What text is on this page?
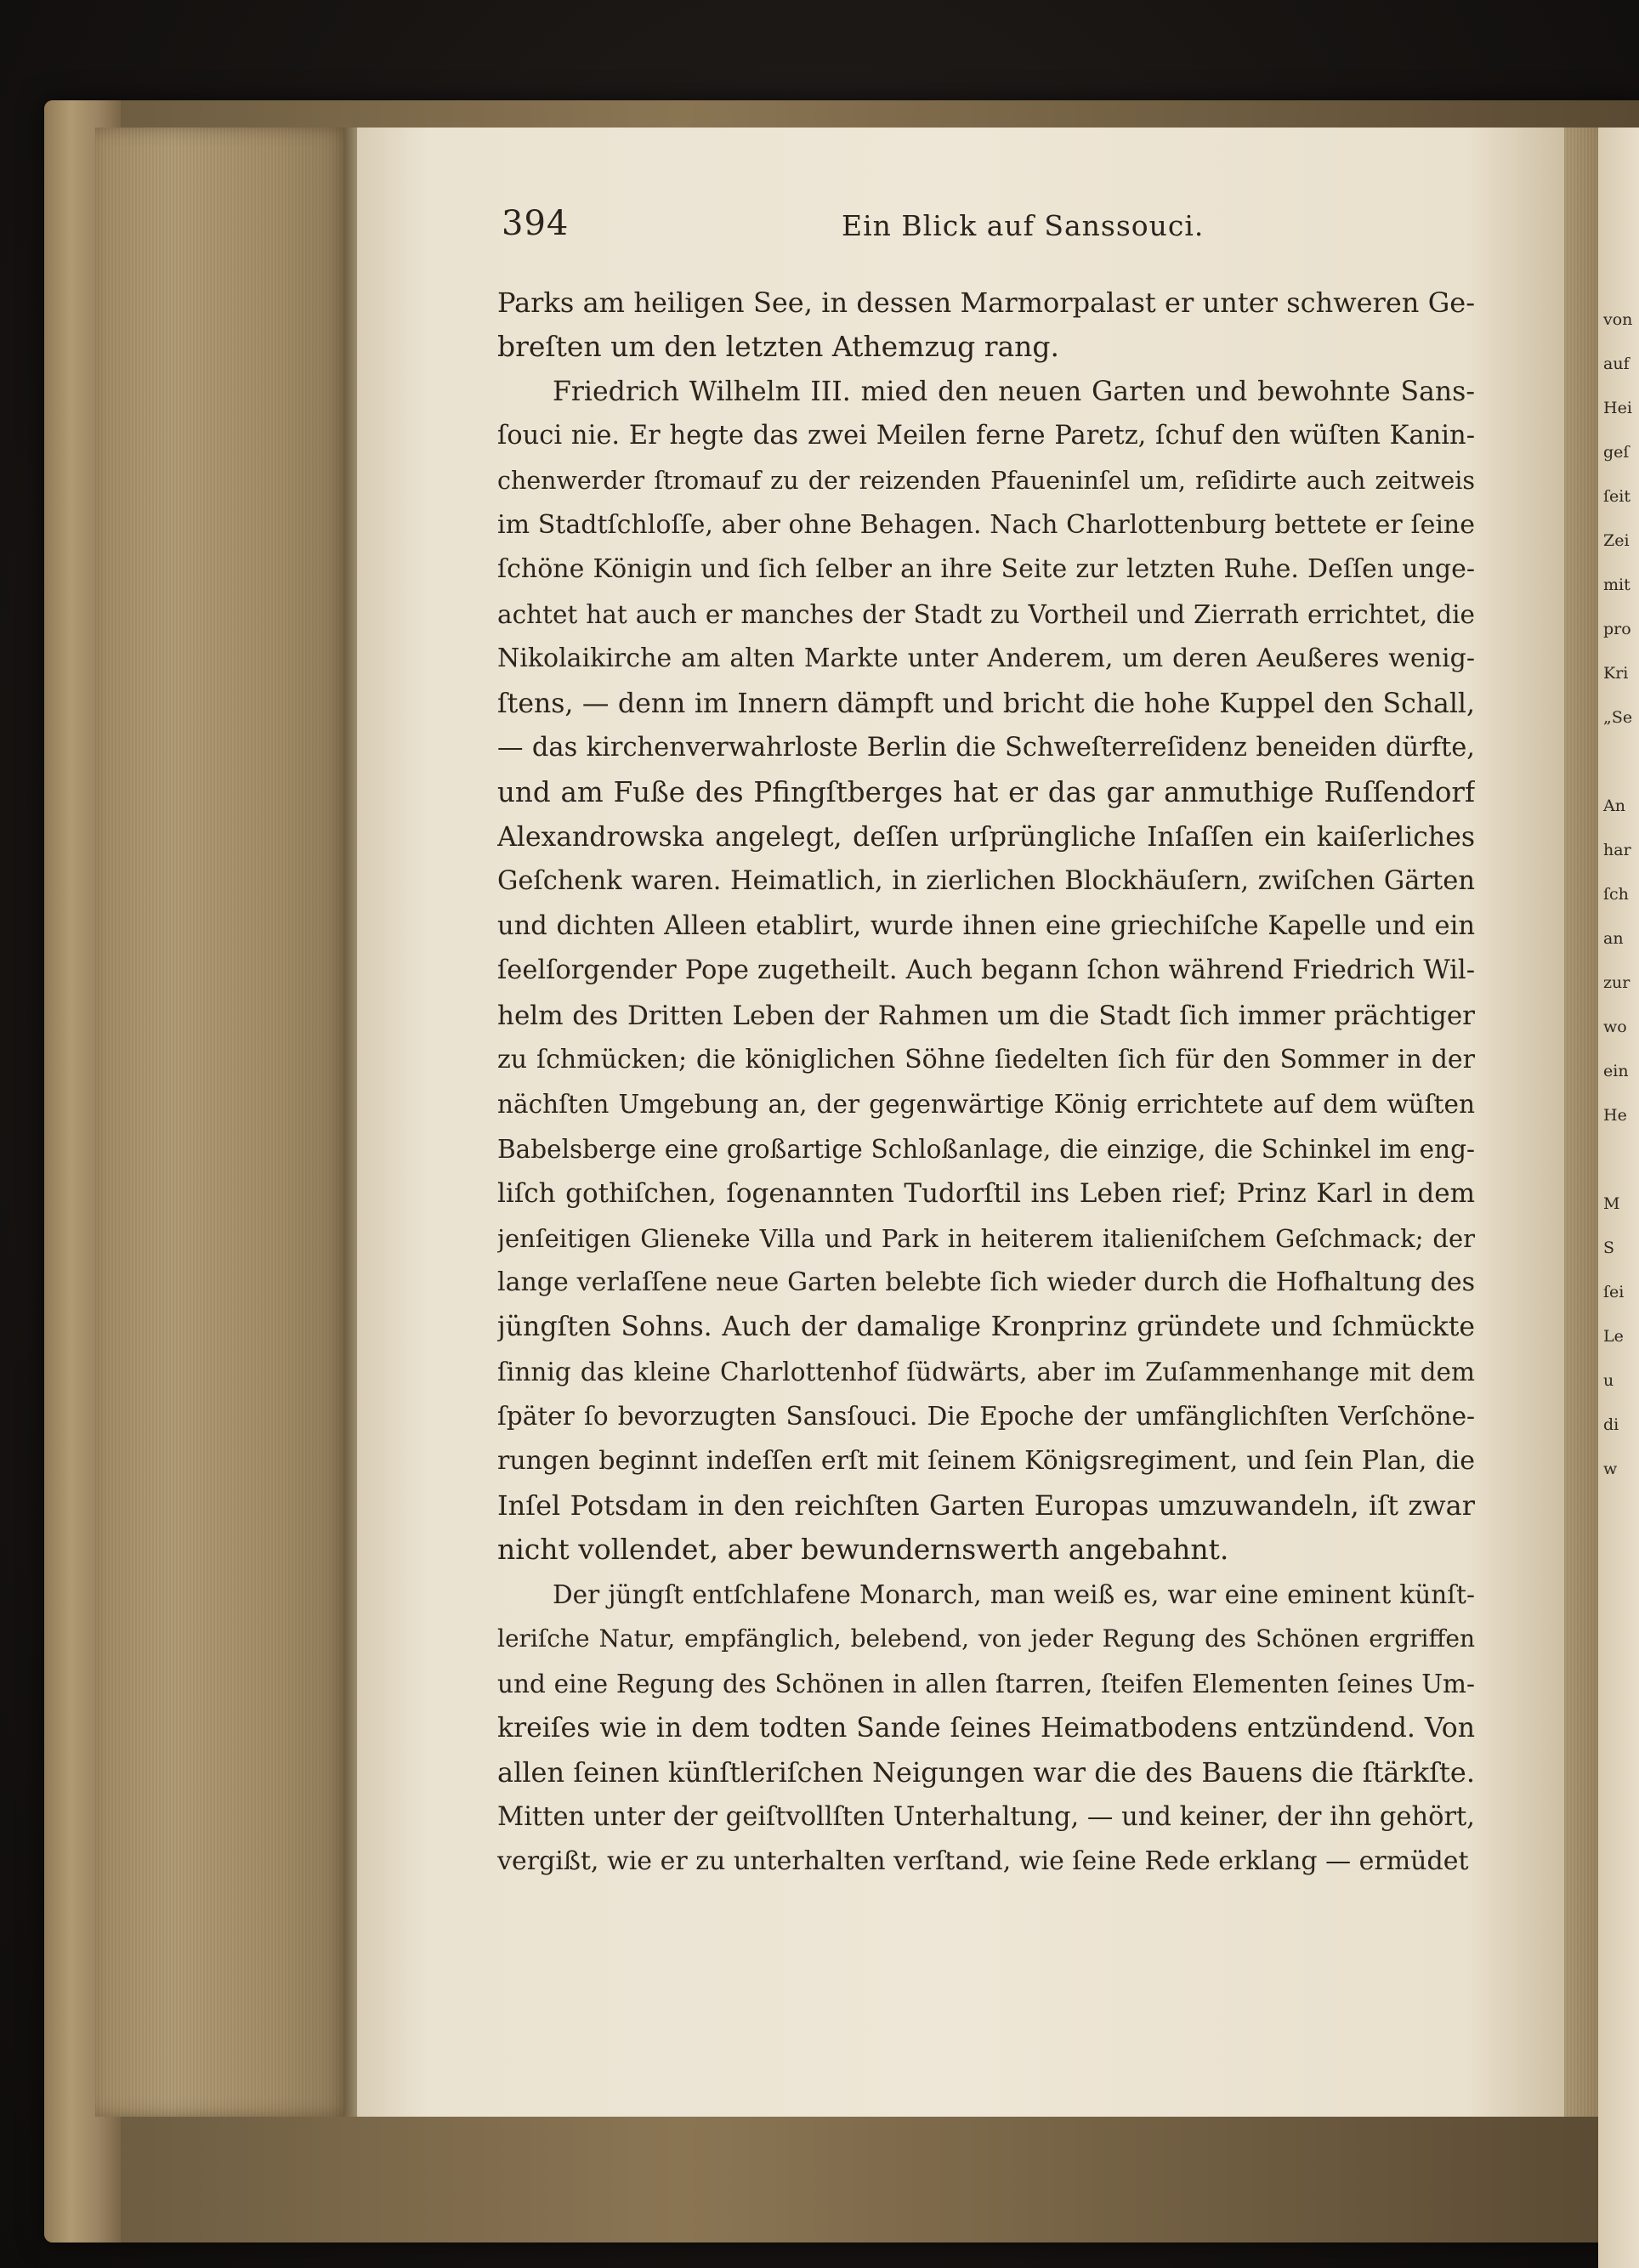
von
auf
Hei
geſ
ſeit
Zei
mit
pro
Kri
„Se

An
har
ſch
an
zur
wo
ein
He

M
S
ſei
Le
u
di
w
394	Ein Blick auf Sanssouci.
Parks am heiligen See, in dessen Marmorpalast er unter schweren Ge-
breſten um den letzten Athemzug rang.
Friedrich Wilhelm III. mied den neuen Garten und bewohnte Sans-
ſouci nie. Er hegte das zwei Meilen ferne Paretz, ſchuf den wüſten Kanin-
chenwerder ſtromauf zu der reizenden Pfaueninſel um, reſidirte auch zeitweis
im Stadtſchloſſe, aber ohne Behagen. Nach Charlottenburg bettete er ſeine
ſchöne Königin und ſich ſelber an ihre Seite zur letzten Ruhe. Deſſen unge-
achtet hat auch er manches der Stadt zu Vortheil und Zierrath errichtet, die
Nikolaikirche am alten Markte unter Anderem, um deren Aeußeres wenig-
ſtens, — denn im Innern dämpft und bricht die hohe Kuppel den Schall,
— das kirchenverwahrloste Berlin die Schweſterreſidenz beneiden dürfte,
und am Fuße des Pfingſtberges hat er das gar anmuthige Ruſſendorf
Alexandrowska angelegt, deſſen urſprüngliche Inſaſſen ein kaiſerliches
Geſchenk waren. Heimatlich, in zierlichen Blockhäuſern, zwiſchen Gärten
und dichten Alleen etablirt, wurde ihnen eine griechiſche Kapelle und ein
ſeelſorgender Pope zugetheilt. Auch begann ſchon während Friedrich Wil-
helm des Dritten Leben der Rahmen um die Stadt ſich immer prächtiger
zu ſchmücken; die königlichen Söhne ſiedelten ſich für den Sommer in der
nächſten Umgebung an, der gegenwärtige König errichtete auf dem wüſten
Babelsberge eine großartige Schloßanlage, die einzige, die Schinkel im eng-
liſch gothiſchen, ſogenannten Tudorſtil ins Leben rief; Prinz Karl in dem
jenſeitigen Glieneke Villa und Park in heiterem italieniſchem Geſchmack; der
lange verlaſſene neue Garten belebte ſich wieder durch die Hofhaltung des
jüngſten Sohns. Auch der damalige Kronprinz gründete und ſchmückte
ſinnig das kleine Charlottenhof ſüdwärts, aber im Zuſammenhange mit dem
ſpäter ſo bevorzugten Sansſouci. Die Epoche der umfänglichſten Verſchöne-
rungen beginnt indeſſen erſt mit ſeinem Königsregiment, und ſein Plan, die
Inſel Potsdam in den reichſten Garten Europas umzuwandeln, iſt zwar
nicht vollendet, aber bewundernswerth angebahnt.
Der jüngſt entſchlafene Monarch, man weiß es, war eine eminent künſt-
leriſche Natur, empfänglich, belebend, von jeder Regung des Schönen ergriffen
und eine Regung des Schönen in allen ſtarren, ſteifen Elementen ſeines Um-
kreiſes wie in dem todten Sande ſeines Heimatbodens entzündend. Von
allen ſeinen künſtleriſchen Neigungen war die des Bauens die ſtärkſte.
Mitten unter der geiſtvollſten Unterhaltung, — und keiner, der ihn gehört,
vergißt, wie er zu unterhalten verſtand, wie ſeine Rede erklang — ermüdet
